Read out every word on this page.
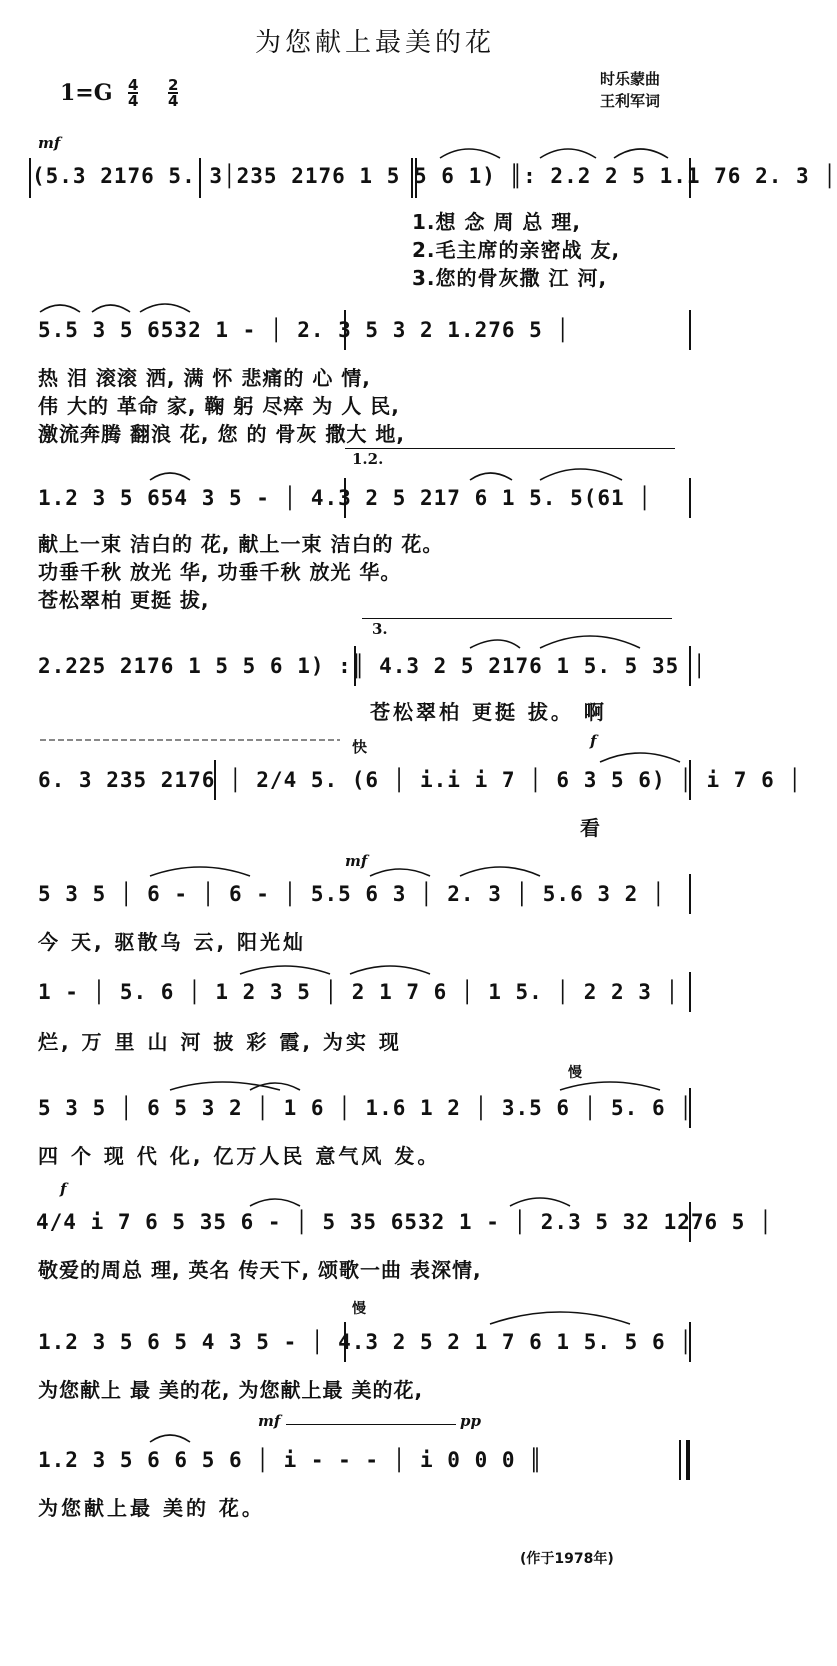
为您献上最美的花
1=G 4
4
2
4
时乐蒙曲
王利军词
mf
(5.3 2176 5. 3│235 2176 1 5 5 6 1) ║: 2.2 2 5 1.1 76 2. 3 │
1.想 念 周 总 理,
2.毛主席的亲密战 友,
3.您的骨灰撒 江 河,
5.5 3 5 6532 1 - │ 2. 3 5 3 2 1.276 5 │
热 泪 滚滚 洒, 满 怀 悲痛的 心 情,
伟 大的 革命 家, 鞠 躬 尽瘁 为 人 民,
激流奔腾 翻浪 花, 您 的 骨灰 撒大 地,
1.2.
1.2 3 5 654 3 5 - │ 4.3 2 5 217 6 1 5. 5(61 │
献上一束 洁白的 花, 献上一束 洁白的 花。
功垂千秋 放光 华, 功垂千秋 放光 华。
苍松翠柏 更挺 拔,
3.
2.225 2176 1 5 5 6 1) :║ 4.3 2 5 2176 1 5. 5 35 │
苍松翠柏 更挺 拔。 啊
快	f
6. 3 235 2176 │ 2/4 5. (6 │ i.i i 7 │ 6 3 5 6) │ i 7 6 │
看
mf
5 3 5 │ 6 - │ 6 - │ 5.5 6 3 │ 2. 3 │ 5.6 3 2 │
今 天, 驱散乌 云, 阳光灿
1 - │ 5. 6 │ 1 2 3 5 │ 2 1 7 6 │ 1 5. │ 2 2 3 │
烂, 万 里 山 河 披 彩 霞, 为实 现
慢
5 3 5 │ 6 5 3 2 │ 1 6 │ 1.6 1 2 │ 3.5 6 │ 5. 6 │
四 个 现 代 化, 亿万人民 意气风 发。
f
4/4 i 7 6 5 35 6 - │ 5 35 6532 1 - │ 2.3 5 32 1276 5 │
敬爱的周总 理, 英名 传天下, 颂歌一曲 表深情,
慢
1.2 3 5 6 5 4 3 5 - │ 4.3 2 5 2 1 7 6 1 5. 5 6 │
为您献上 最 美的花, 为您献上最 美的花,
mf	pp
1.2 3 5 6 6 5 6 │ i - - - │ i 0 0 0 ║
为您献上最 美的 花。
(作于1978年)
